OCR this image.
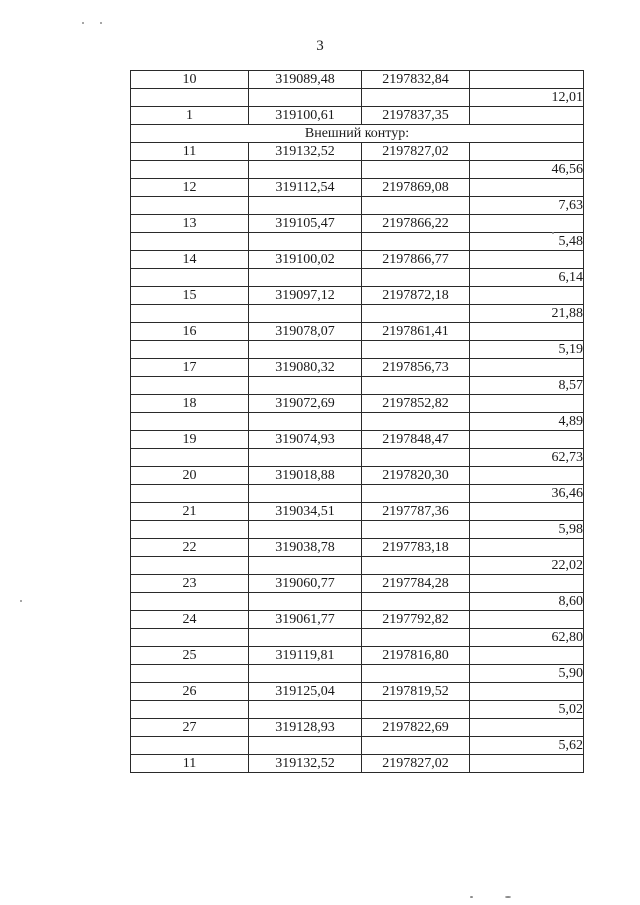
3
10	319089,48	2197832,84	
			12,01
1	319100,61	2197837,35	
Внешний контур:			
11	319132,52	2197827,02	
			46,56
12	319112,54	2197869,08	
			7,63
13	319105,47	2197866,22	
			5,48
14	319100,02	2197866,77	
			6,14
15	319097,12	2197872,18	
			21,88
16	319078,07	2197861,41	
			5,19
17	319080,32	2197856,73	
			8,57
18	319072,69	2197852,82	
			4,89
19	319074,93	2197848,47	
			62,73
20	319018,88	2197820,30	
			36,46
21	319034,51	2197787,36	
			5,98
22	319038,78	2197783,18	
			22,02
23	319060,77	2197784,28	
			8,60
24	319061,77	2197792,82	
			62,80
25	319119,81	2197816,80	
			5,90
26	319125,04	2197819,52	
			5,02
27	319128,93	2197822,69	
			5,62
11	319132,52	2197827,02	
